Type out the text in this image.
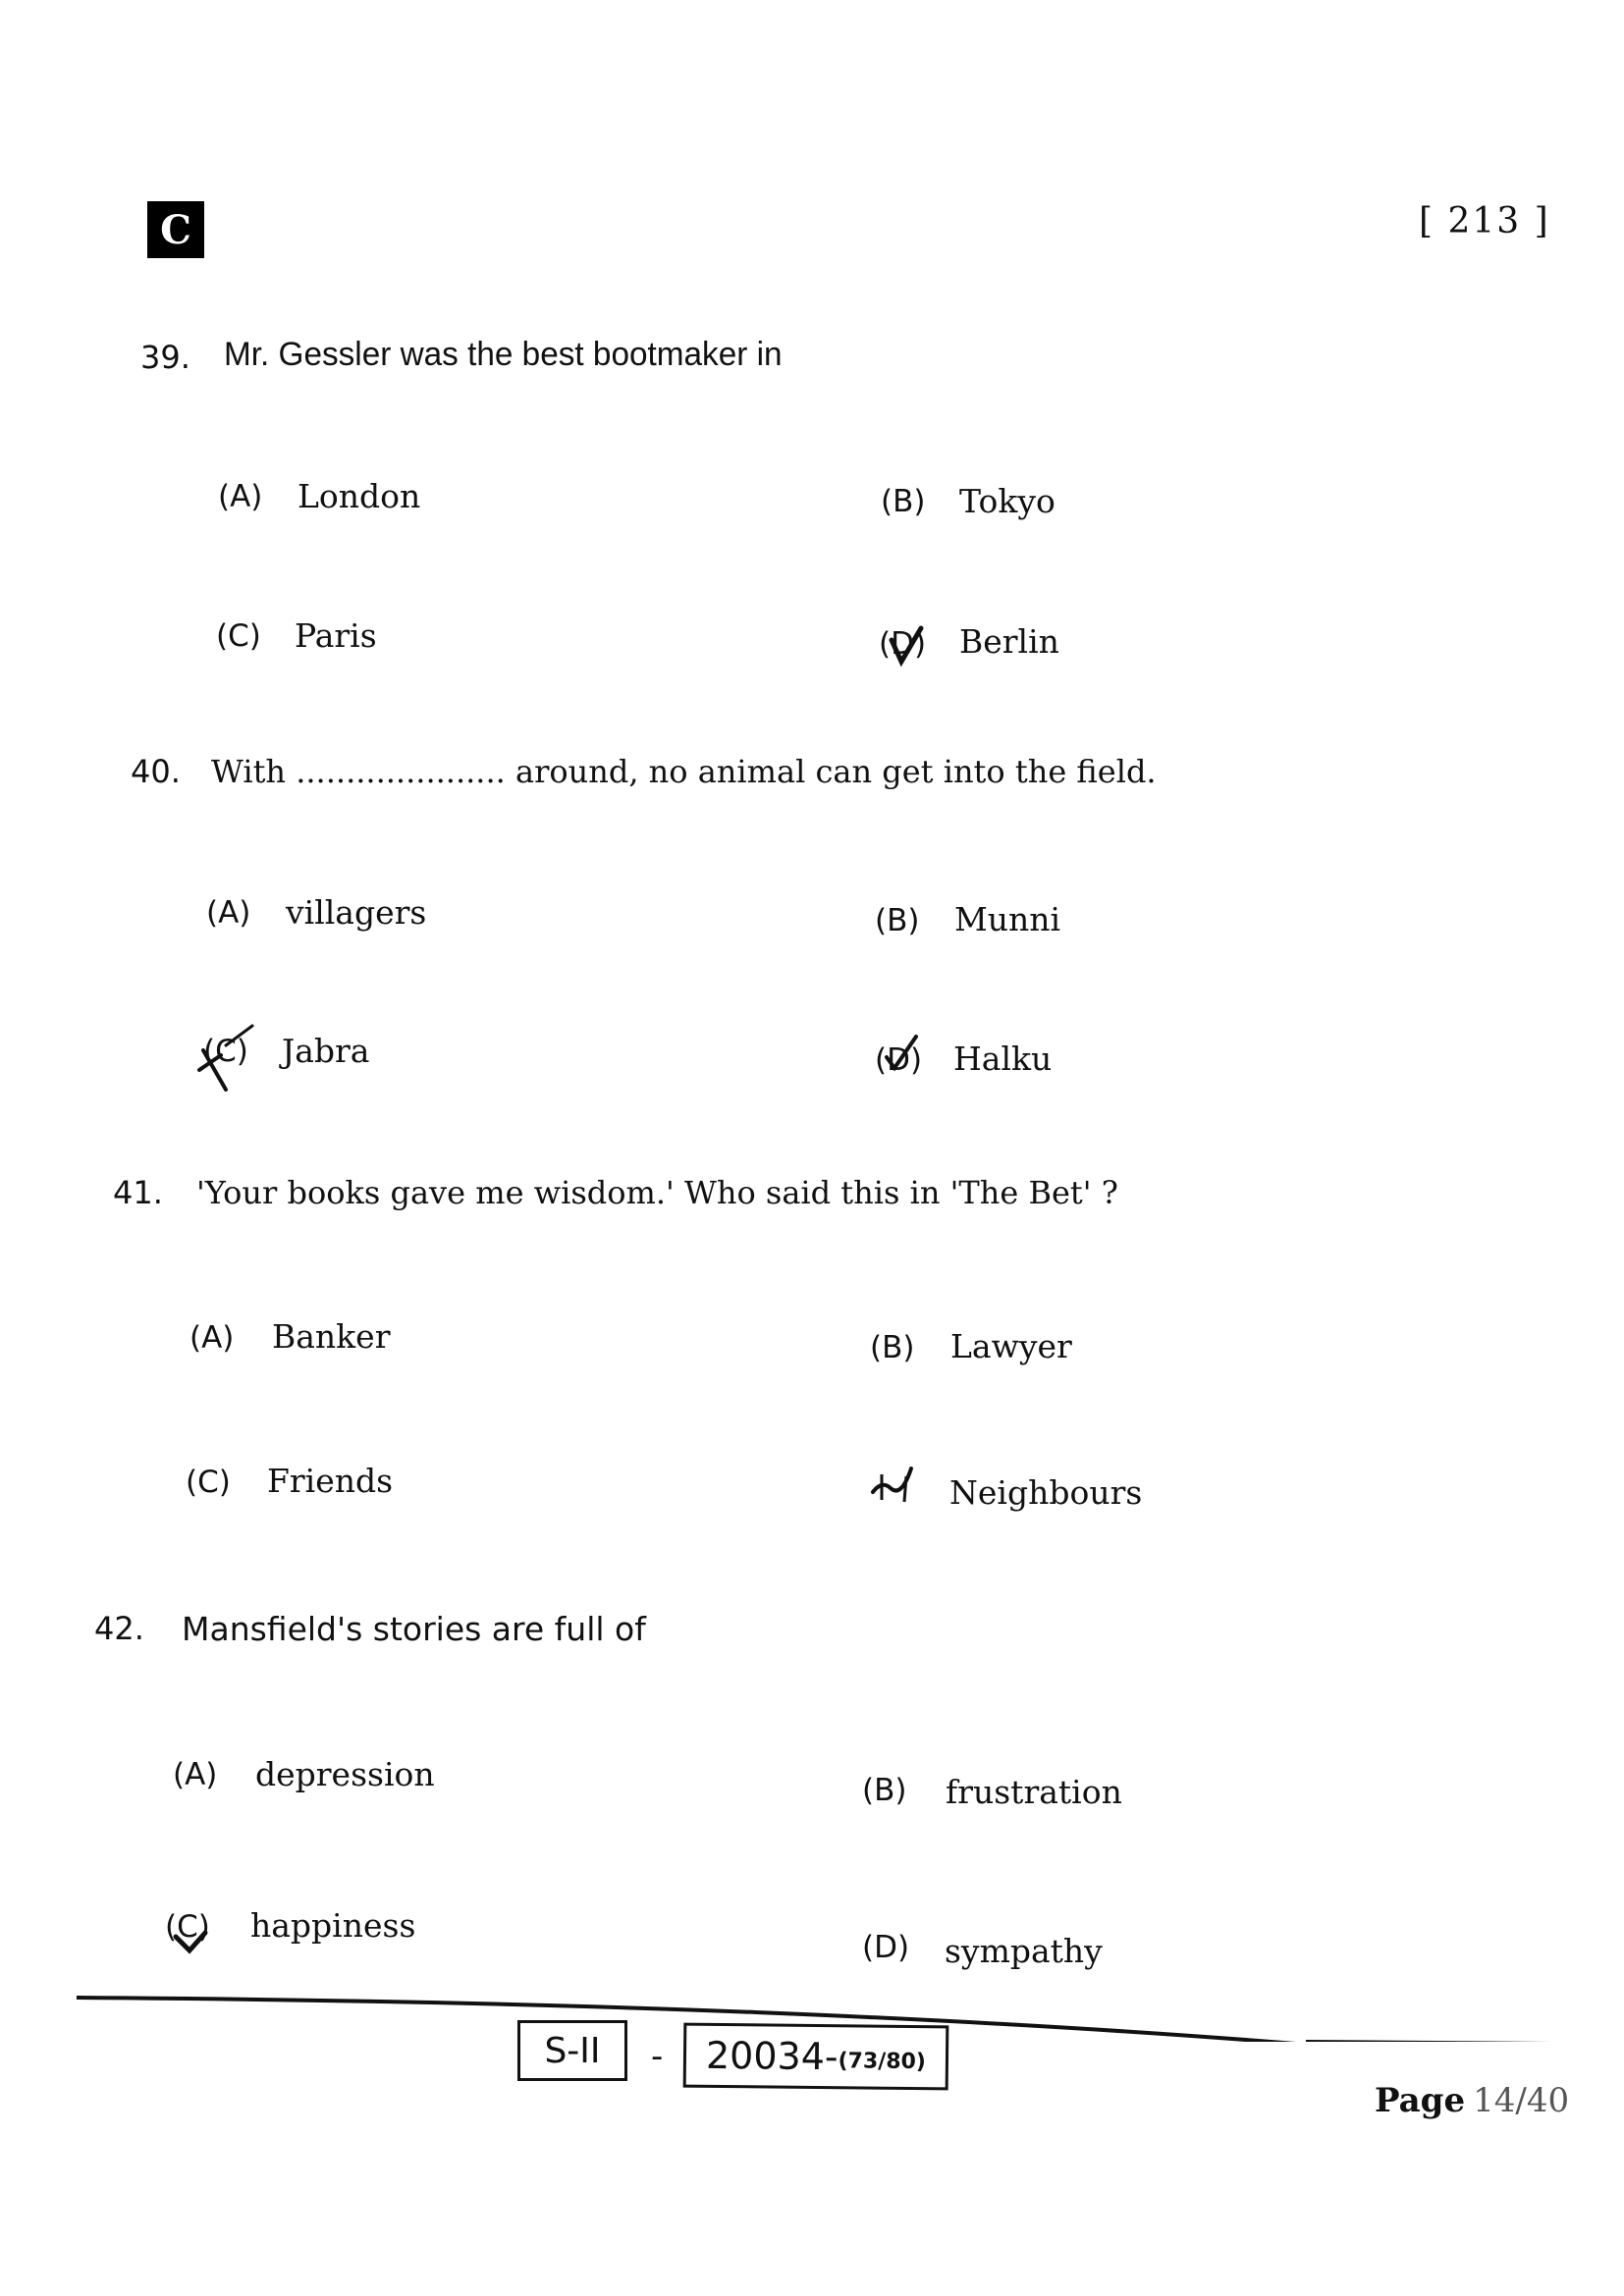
C	[ 213 ]
39. Mr. Gessler was the best bootmaker in
(A) London	(B) Tokyo
(C) Paris	(D) Berlin
40. With ..................... around, no animal can get into the field.
(A) villagers	(B) Munni
(C) Jabra	(D) Halku
41. 'Your books gave me wisdom.' Who said this in 'The Bet' ?
(A) Banker	(B) Lawyer
(C) Friends	Neighbours
42. Mansfield's stories are full of
(A) depression	(B) frustration
(C) happiness
(D) sympathy
S-II - 20034- (73/80)
Page 14/40
